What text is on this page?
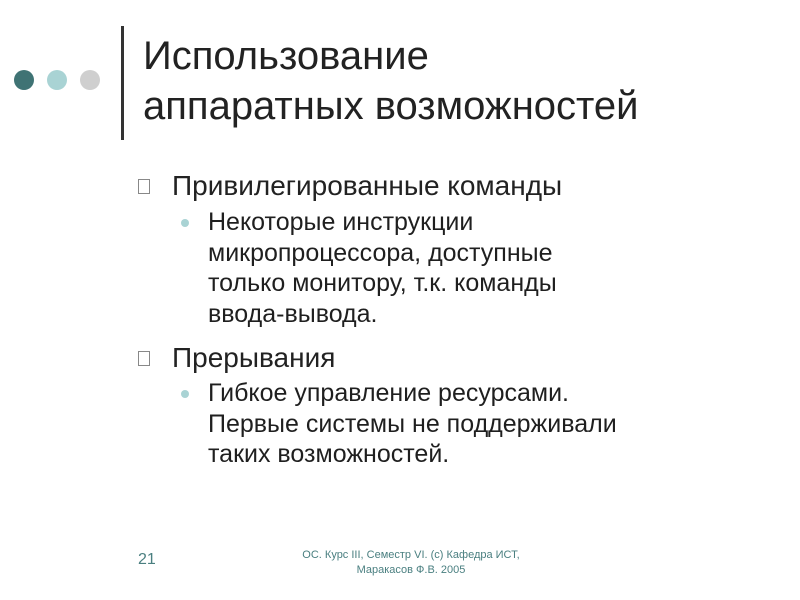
Использование
аппаратных возможностей
Привилегированные команды
Некоторые инструкции
микропроцессора, доступные
только монитору, т.к. команды
ввода-вывода.
Прерывания
Гибкое управление ресурсами.
Первые системы не поддерживали
таких возможностей.
21	ОС. Курс III, Семестр VI. (с) Кафедра ИСТ,
Маракасов Ф.В. 2005
